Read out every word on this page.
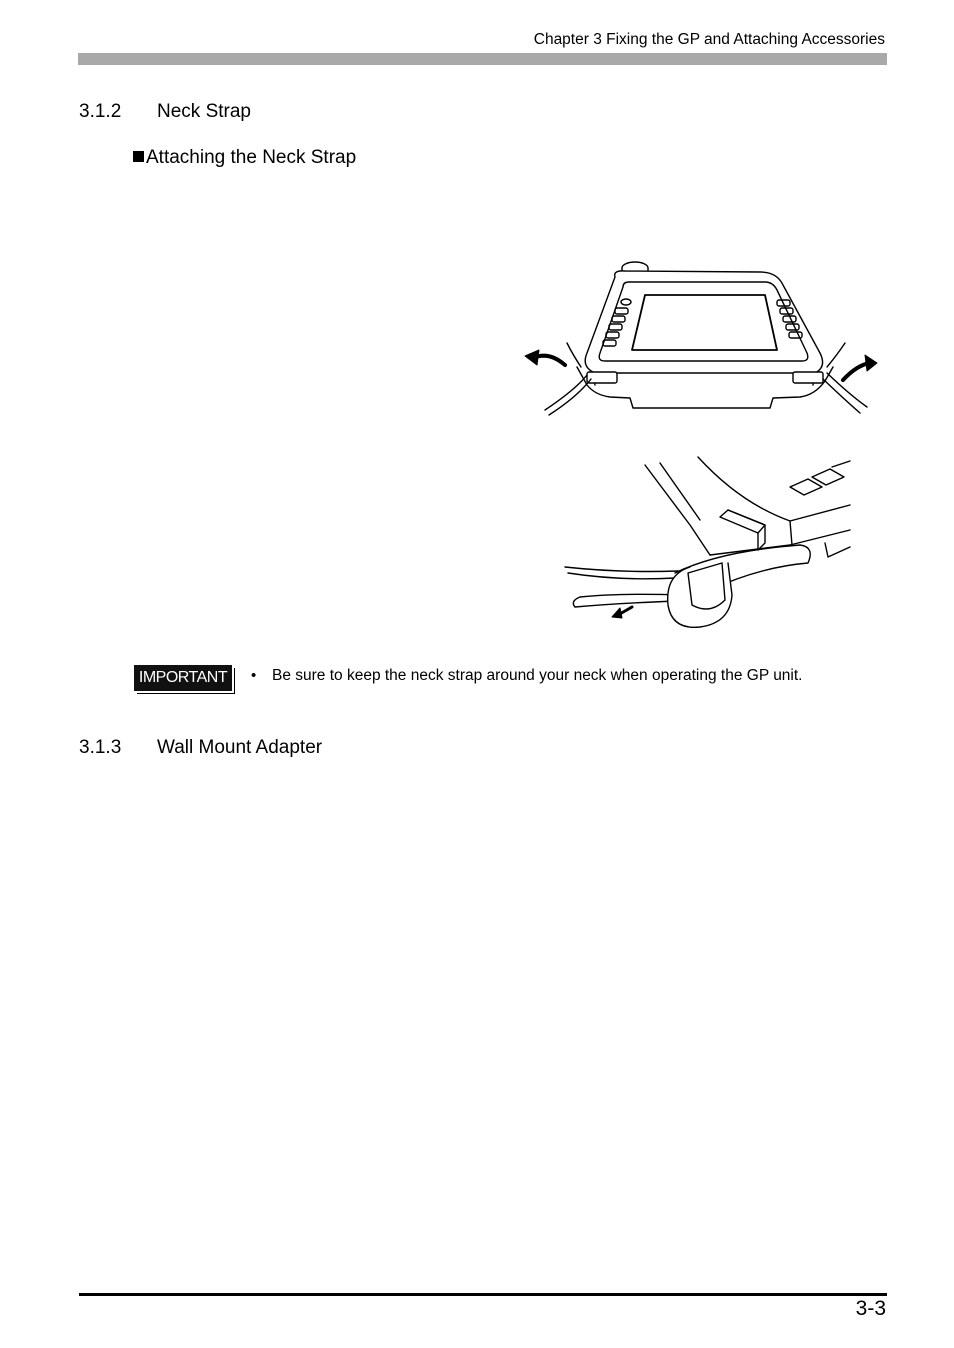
Chapter 3 Fixing the GP and Attaching Accessories
3.1.2 Neck Strap
Attaching the Neck Strap
IMPORTANT	• Be sure to keep the neck strap around your neck when operating the GP unit.
3.1.3 Wall Mount Adapter
3-3
